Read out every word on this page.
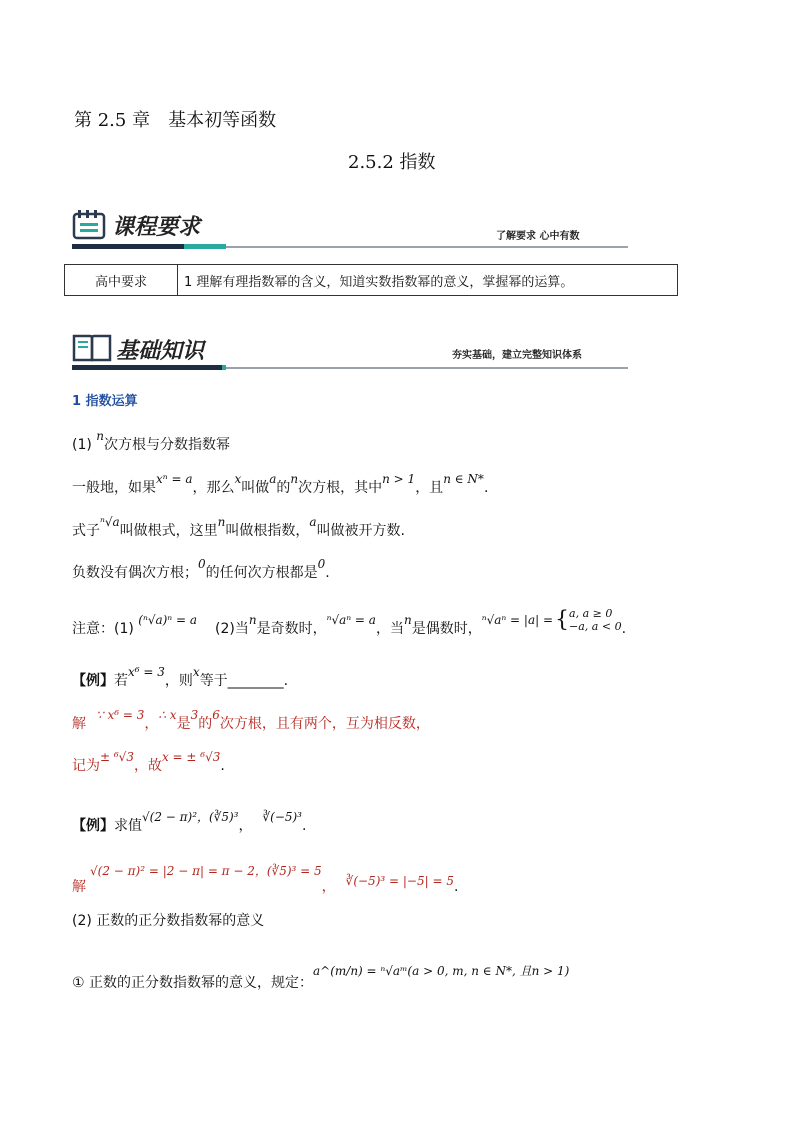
第 2.5 章　基本初等函数
2.5.2 指数
课程要求	了解要求 心中有数
高中要求	1 理解有理指数幂的含义，知道实数指数幂的意义，掌握幂的运算。
基础知识	夯实基础，建立完整知识体系
1 指数运算
(1) n次方根与分数指数幂
一般地，如果xⁿ = a，那么x叫做a的n次方根，其中n > 1，且n ∈ N*.
式子ⁿ√a叫做根式，这里n叫做根指数，a叫做被开方数.
负数没有偶次方根；0的任何次方根都是0.
注意：(1) (ⁿ√a)ⁿ = a(2)当n是奇数时，ⁿ√aⁿ = a，当n是偶数时，ⁿ√aⁿ = |a| ={ a, a ≥ 0
−a, a < 0 .
【例】若x⁶ = 3，则x等于________.
解∵ x⁶ = 3，∴ x是3的6次方根，且有两个，互为相反数，
记为± ⁶√3，故x = ± ⁶√3.
【例】求值√(2 − π)²，(∛5)³，∛(−5)³.
解√(2 − π)² = |2 − π| = π − 2，(∛5)³ = 5， ∛(−5)³ = |−5| = 5.
(2) 正数的正分数指数幂的意义
① 正数的正分数指数幂的意义，规定：a^(m/n) = ⁿ√aᵐ(a > 0, m, n ∈ N*, 且n > 1)
